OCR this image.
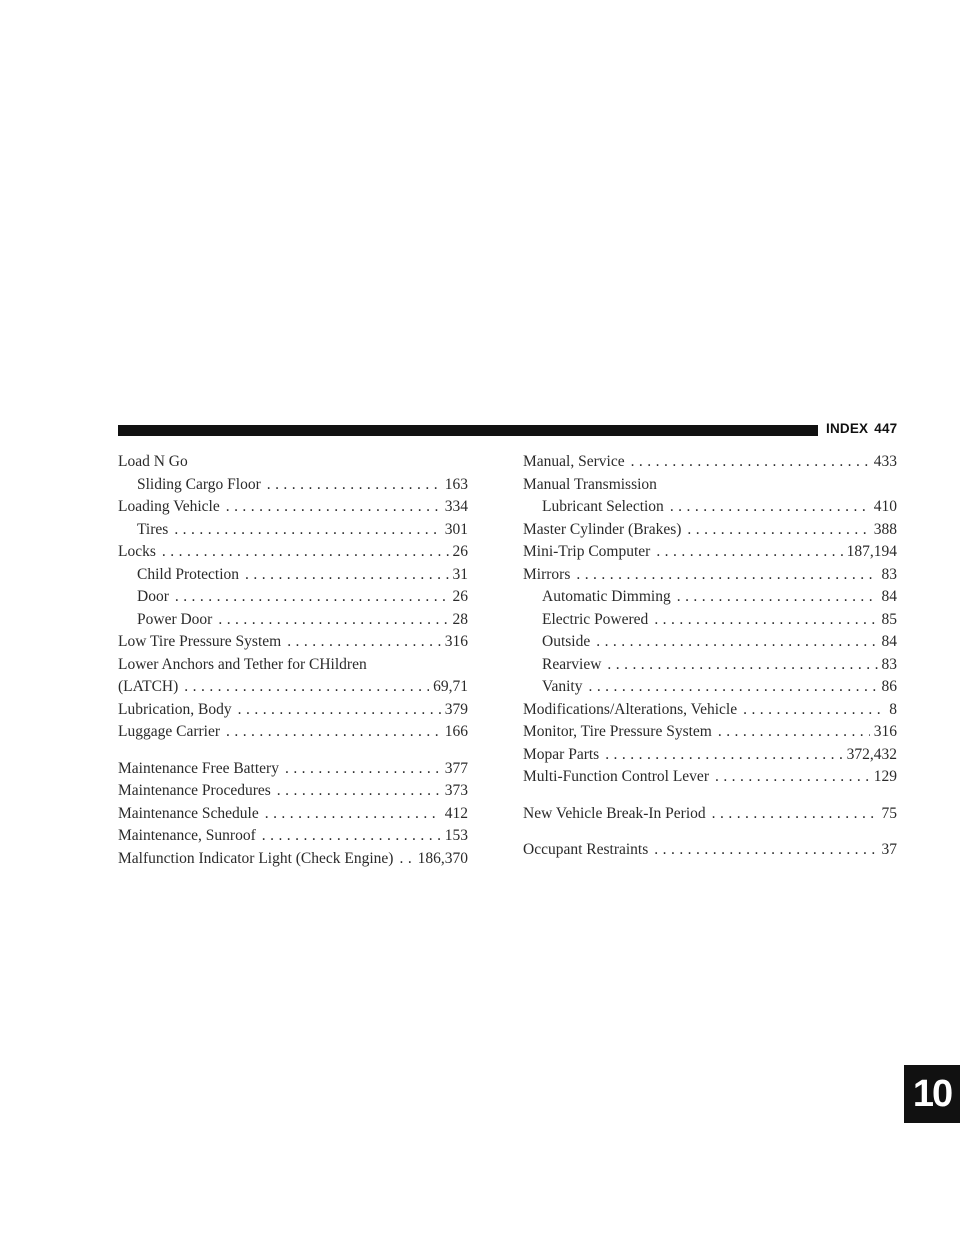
INDEX 447
Load N Go
Sliding Cargo Floor . . .	163
Loading Vehicle . . .	334
Tires . . .	301
Locks . . .	26
Child Protection . . .	31
Door . . .	26
Power Door . . .	28
Low Tire Pressure System . . .	316
Lower Anchors and Tether for CHildren
(LATCH) . . .	69,71
Lubrication, Body . . .	379
Luggage Carrier . . .	166
Maintenance Free Battery . . .	377
Maintenance Procedures . . .	373
Maintenance Schedule . . .	412
Maintenance, Sunroof . . .	153
Malfunction Indicator Light (Check Engine) . . . 186,370
Manual, Service . . .	433
Manual Transmission
Lubricant Selection . . .	410
Master Cylinder (Brakes) . . .	388
Mini-Trip Computer . . .	187,194
Mirrors . . .	83
Automatic Dimming . . .	84
Electric Powered . . .	85
Outside . . .	84
Rearview . . .	83
Vanity . . .	86
Modifications/Alterations, Vehicle . . .	8
Monitor, Tire Pressure System . . .	316
Mopar Parts . . .	372,432
Multi-Function Control Lever . . .	129
New Vehicle Break-In Period . . .	75
Occupant Restraints . . .	37
10
